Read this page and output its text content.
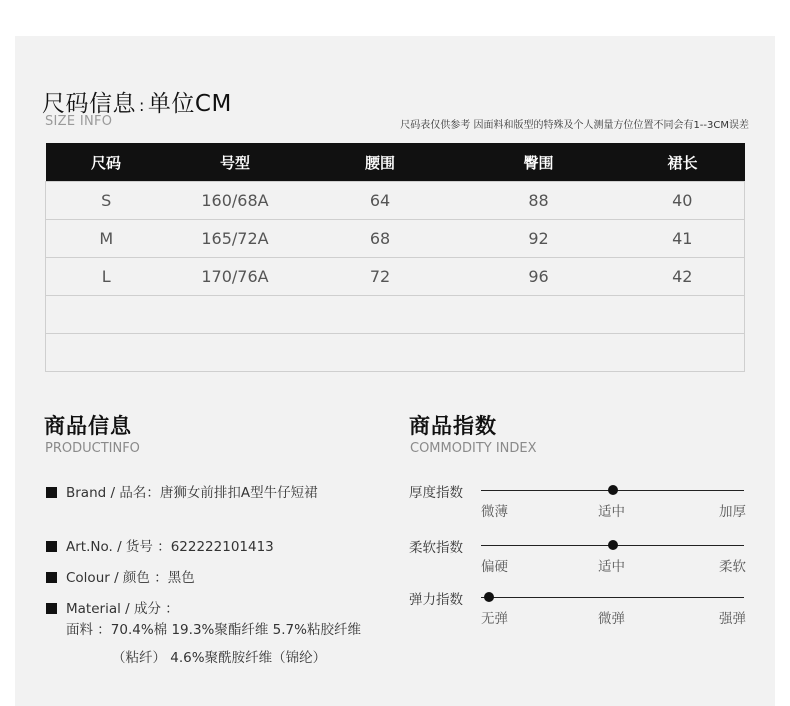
尺码信息 : 单位CM
SIZE INFO	尺码表仅供参考 因面料和版型的特殊及个人测量方位位置不同会有1--3CM误差
尺码	号型	腰围	臀围	裙长
S	160/68A	64	88	40
M	165/72A	68	92	41
L	170/76A	72	96	42

商品信息
PRODUCTINFO
Brand / 品名：唐狮女前排扣A型牛仔短裙
Art.No. / 货号 ：622222101413
Colour / 颜色 ：黑色
Material / 成分 ：
面料 ：70.4%棉 19.3%聚酯纤维 5.7%粘胶纤维
（粘纤） 4.6%聚酰胺纤维（锦纶）
商品指数
COMMODITY INDEX
厚度指数
微薄	适中	加厚
柔软指数
偏硬	适中	柔软
弹力指数
无弹	微弹	强弹
